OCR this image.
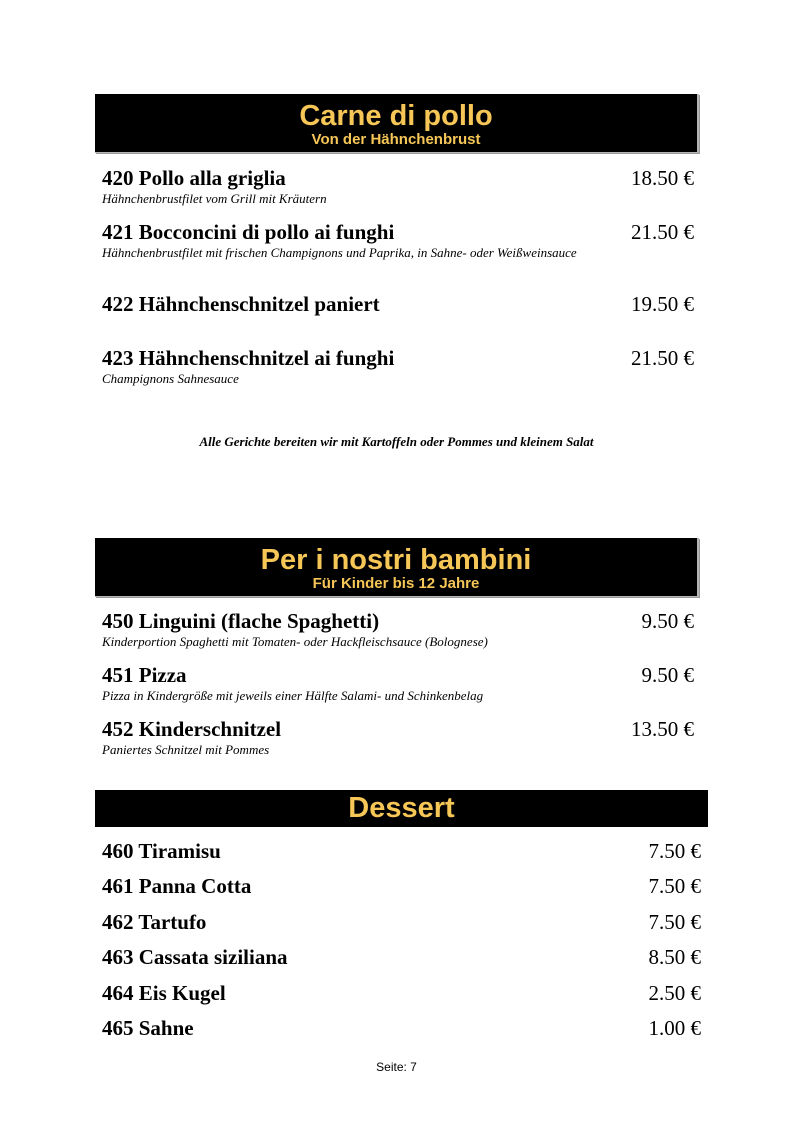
Carne di pollo
Von der Hähnchenbrust
420 Pollo alla griglia	18.50 €
Hähnchenbrustfilet vom Grill mit Kräutern
421 Bocconcini di pollo ai funghi	21.50 €
Hähnchenbrustfilet mit frischen Champignons und Paprika, in Sahne- oder Weißweinsauce
422 Hähnchenschnitzel paniert	19.50 €
423 Hähnchenschnitzel ai funghi	21.50 €
Champignons Sahnesauce
Alle Gerichte bereiten wir mit Kartoffeln oder Pommes und kleinem Salat
Per i nostri bambini
Für Kinder bis 12 Jahre
450 Linguini (flache Spaghetti)	9.50 €
Kinderportion Spaghetti mit Tomaten- oder Hackfleischsauce (Bolognese)
451 Pizza	9.50 €
Pizza in Kindergröße mit jeweils einer Hälfte Salami- und Schinkenbelag
452 Kinderschnitzel	13.50 €
Paniertes Schnitzel mit Pommes
Dessert
460 Tiramisu	7.50 €
461 Panna Cotta	7.50 €
462 Tartufo	7.50 €
463 Cassata siziliana	8.50 €
464 Eis Kugel	2.50 €
465 Sahne	1.00 €
Seite: 7
